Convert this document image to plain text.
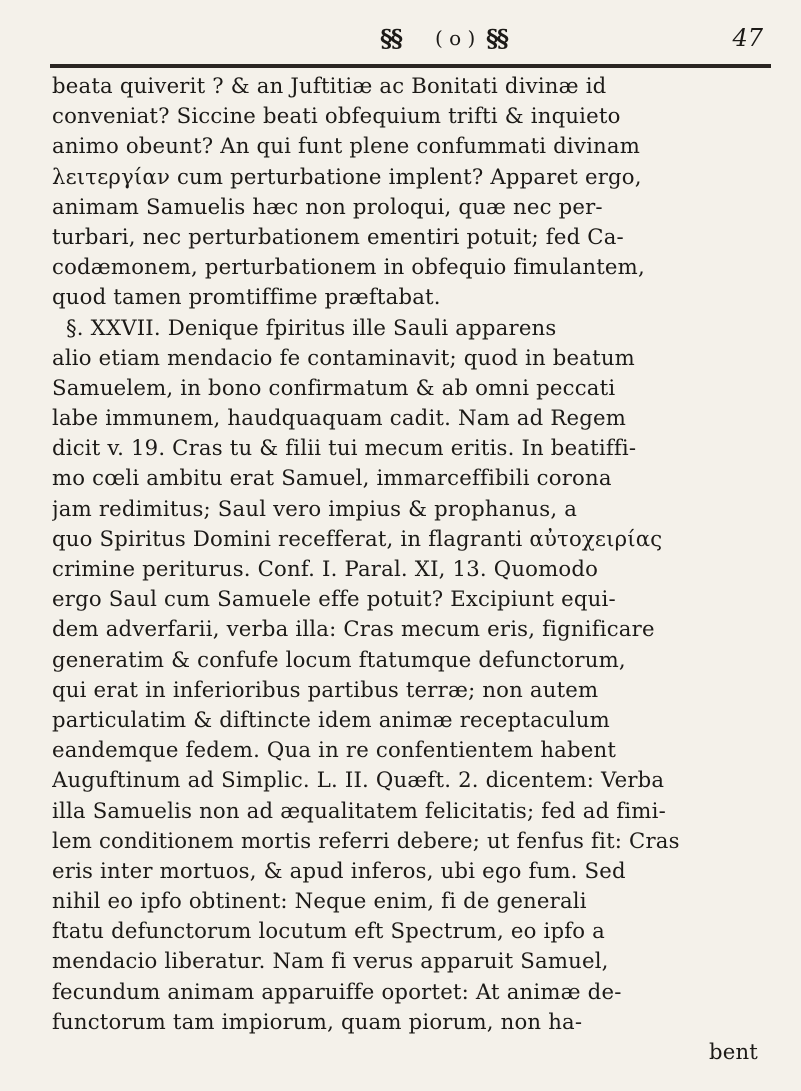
§§ ( o ) §§	47
beata quiverit ? & an Juftitiæ ac Bonitati divinæ id
conveniat? Siccine beati obfequium trifti & inquieto
animo obeunt? An qui funt plene confummati divinam
λειτεργίαν cum perturbatione implent? Apparet ergo,
animam Samuelis hæc non proloqui, quæ nec per-
turbari, nec perturbationem ementiri potuit; fed Ca-
codæmonem, perturbationem in obfequio fimulantem,
quod tamen promtiffime præftabat.
§. XXVII. Denique fpiritus ille Sauli apparens
alio etiam mendacio fe contaminavit; quod in beatum
Samuelem, in bono confirmatum & ab omni peccati
labe immunem, haudquaquam cadit. Nam ad Regem
dicit v. 19. Cras tu & filii tui mecum eritis. In beatiffi-
mo cœli ambitu erat Samuel, immarceffibili corona
jam redimitus; Saul vero impius & prophanus, a
quo Spiritus Domini recefferat, in flagranti αὐτοχειρίας
crimine periturus. Conf. I. Paral. XI, 13. Quomodo
ergo Saul cum Samuele effe potuit? Excipiunt equi-
dem adverfarii, verba illa: Cras mecum eris, fignificare
generatim & confufe locum ftatumque defunctorum,
qui erat in inferioribus partibus terræ; non autem
particulatim & diftincte idem animæ receptaculum
eandemque fedem. Qua in re confentientem habent
Auguftinum ad Simplic. L. II. Quæft. 2. dicentem: Verba
illa Samuelis non ad æqualitatem felicitatis; fed ad fimi-
lem conditionem mortis referri debere; ut fenfus fit: Cras
eris inter mortuos, & apud inferos, ubi ego fum. Sed
nihil eo ipfo obtinent: Neque enim, fi de generali
ftatu defunctorum locutum eft Spectrum, eo ipfo a
mendacio liberatur. Nam fi verus apparuit Samuel,
fecundum animam apparuiffe oportet: At animæ de-
functorum tam impiorum, quam piorum, non ha-
bent
